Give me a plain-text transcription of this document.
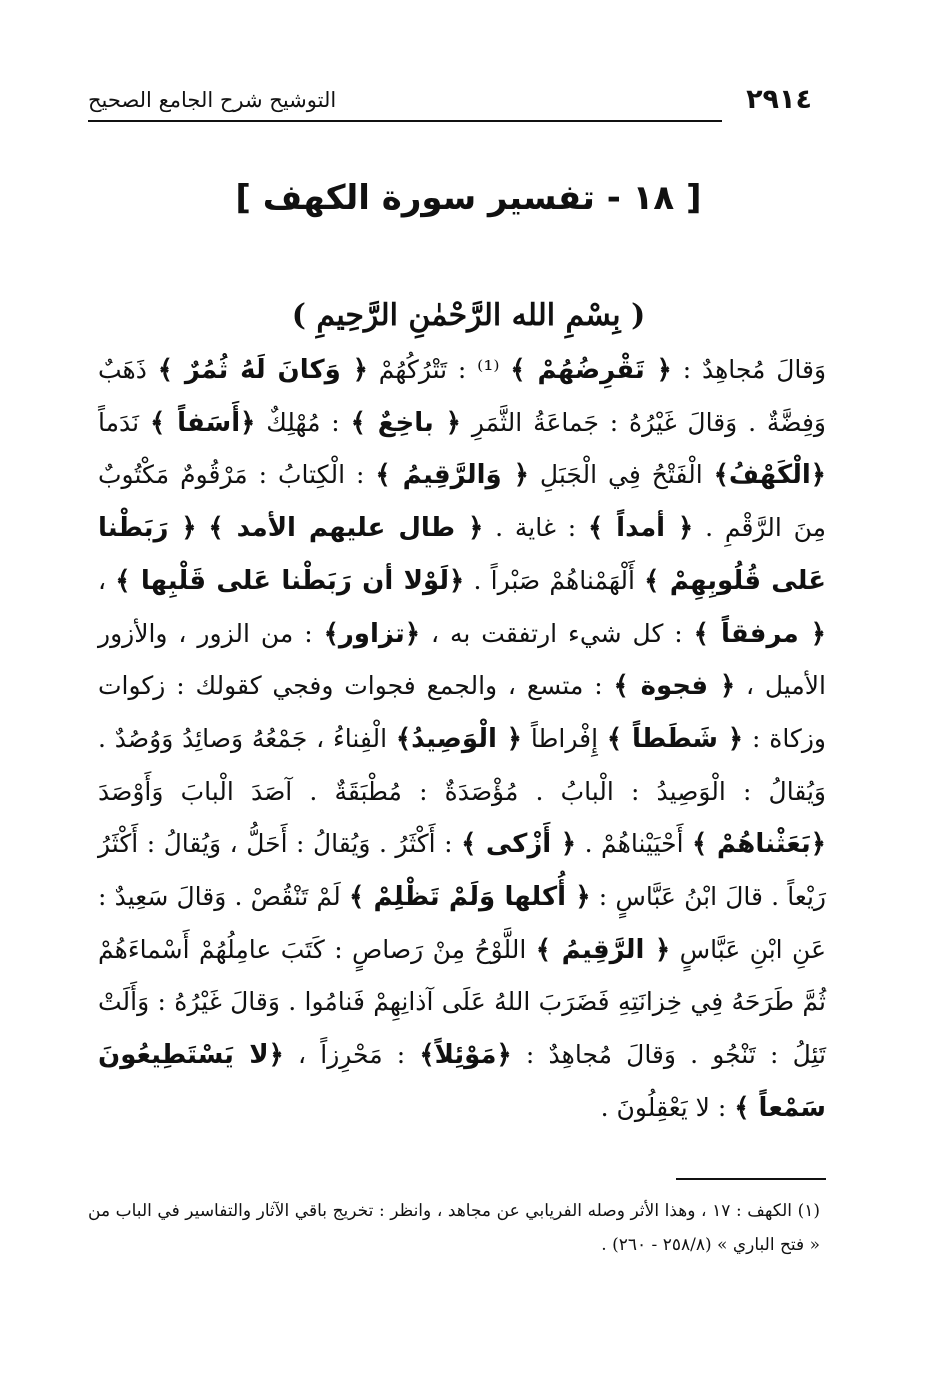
٢٩١٤
التوشيح شرح الجامع الصحيح
[ ١٨ - تفسير سورة الكهف ]
( بِسْمِ الله الرَّحْمٰنِ الرَّحِيمِ )
وَقالَ مُجاهِدٌ : ﴿ تَقْرِضُهُمْ ﴾ ⁽¹⁾ : تَتْرُكُهُمْ ﴿ وَكانَ لَهُ ثُمُرٌ ﴾ ذَهَبٌ وَفِضَّةٌ . وَقالَ غَيْرُهُ : جَماعَةُ الثَّمَرِ ﴿ باخِعٌ ﴾ : مُهْلِكٌ ﴿أَسَفاً ﴾ نَدَماً ﴿الْكَهْفُ﴾ الْفَتْحُ فِي الْجَبَلِ ﴿ وَالرَّقِيمُ ﴾ : الْكِتابُ : مَرْقُومٌ مَكْتُوبٌ مِنَ الرَّقْمِ . ﴿ أمداً ﴾ : غاية . ﴿ طال عليهم الأمد ﴾ ﴿ رَبَطْنا عَلى قُلُوبِهِمْ ﴾ أَلْهَمْناهُمْ صَبْراً . ﴿لَوْلا أن رَبَطْنا عَلى قَلْبِها ﴾ ، ﴿ مرفقاً ﴾ : كل شيء ارتفقت به ، ﴿تزاور﴾ : من الزور ، والأزور الأميل ، ﴿ فجوة ﴾ : متسع ، والجمع فجوات وفجي كقولك : زكوات وزكاة : ﴿ شَطَطاً ﴾ إِفْراطاً ﴿ الْوَصِيدُ﴾ الْفِناءُ ، جَمْعُهُ وَصائِدُ وَوُصُدٌ . وَيُقالُ : الْوَصِيدُ : الْبابُ . مُؤْصَدَةٌ : مُطْبَقَةٌ . آصَدَ الْبابَ وَأَوْصَدَ ﴿بَعَثْناهُمْ ﴾ أَحْيَيْناهُمْ . ﴿ أَزْكى ﴾ : أَكْثَرُ . وَيُقالُ : أَحَلُّ ، وَيُقالُ : أَكْثَرُ رَيْعاً . قالَ ابْنُ عَبَّاسٍ : ﴿ أُكلها وَلَمْ تَظْلِمْ ﴾ لَمْ تَنْقُصْ . وَقالَ سَعِيدٌ : عَنِ ابْنِ عَبَّاسٍ ﴿ الرَّقِيمُ ﴾ اللَّوْحُ مِنْ رَصاصٍ : كَتَبَ عامِلُهُمْ أَسْماءَهُمْ ثُمَّ طَرَحَهُ فِي خِزانَتِهِ فَضَرَبَ اللهُ عَلَى آذانِهِمْ فَنامُوا . وَقالَ غَيْرُهُ : وَأَلَتْ تَئِلُ : تَنْجُو . وَقالَ مُجاهِدٌ : ﴿مَوْئِلاً﴾ : مَحْرِزاً ، ﴿لا يَسْتَطِيعُونَ سَمْعاً ﴾ : لا يَعْقِلُونَ .
(١) الكهف : ١٧ ، وهذا الأثر وصله الفريابي عن مجاهد ، وانظر : تخريج باقي الآثار والتفاسير في الباب من « فتح الباري » (٢٥٨/٨ - ٢٦٠) .
